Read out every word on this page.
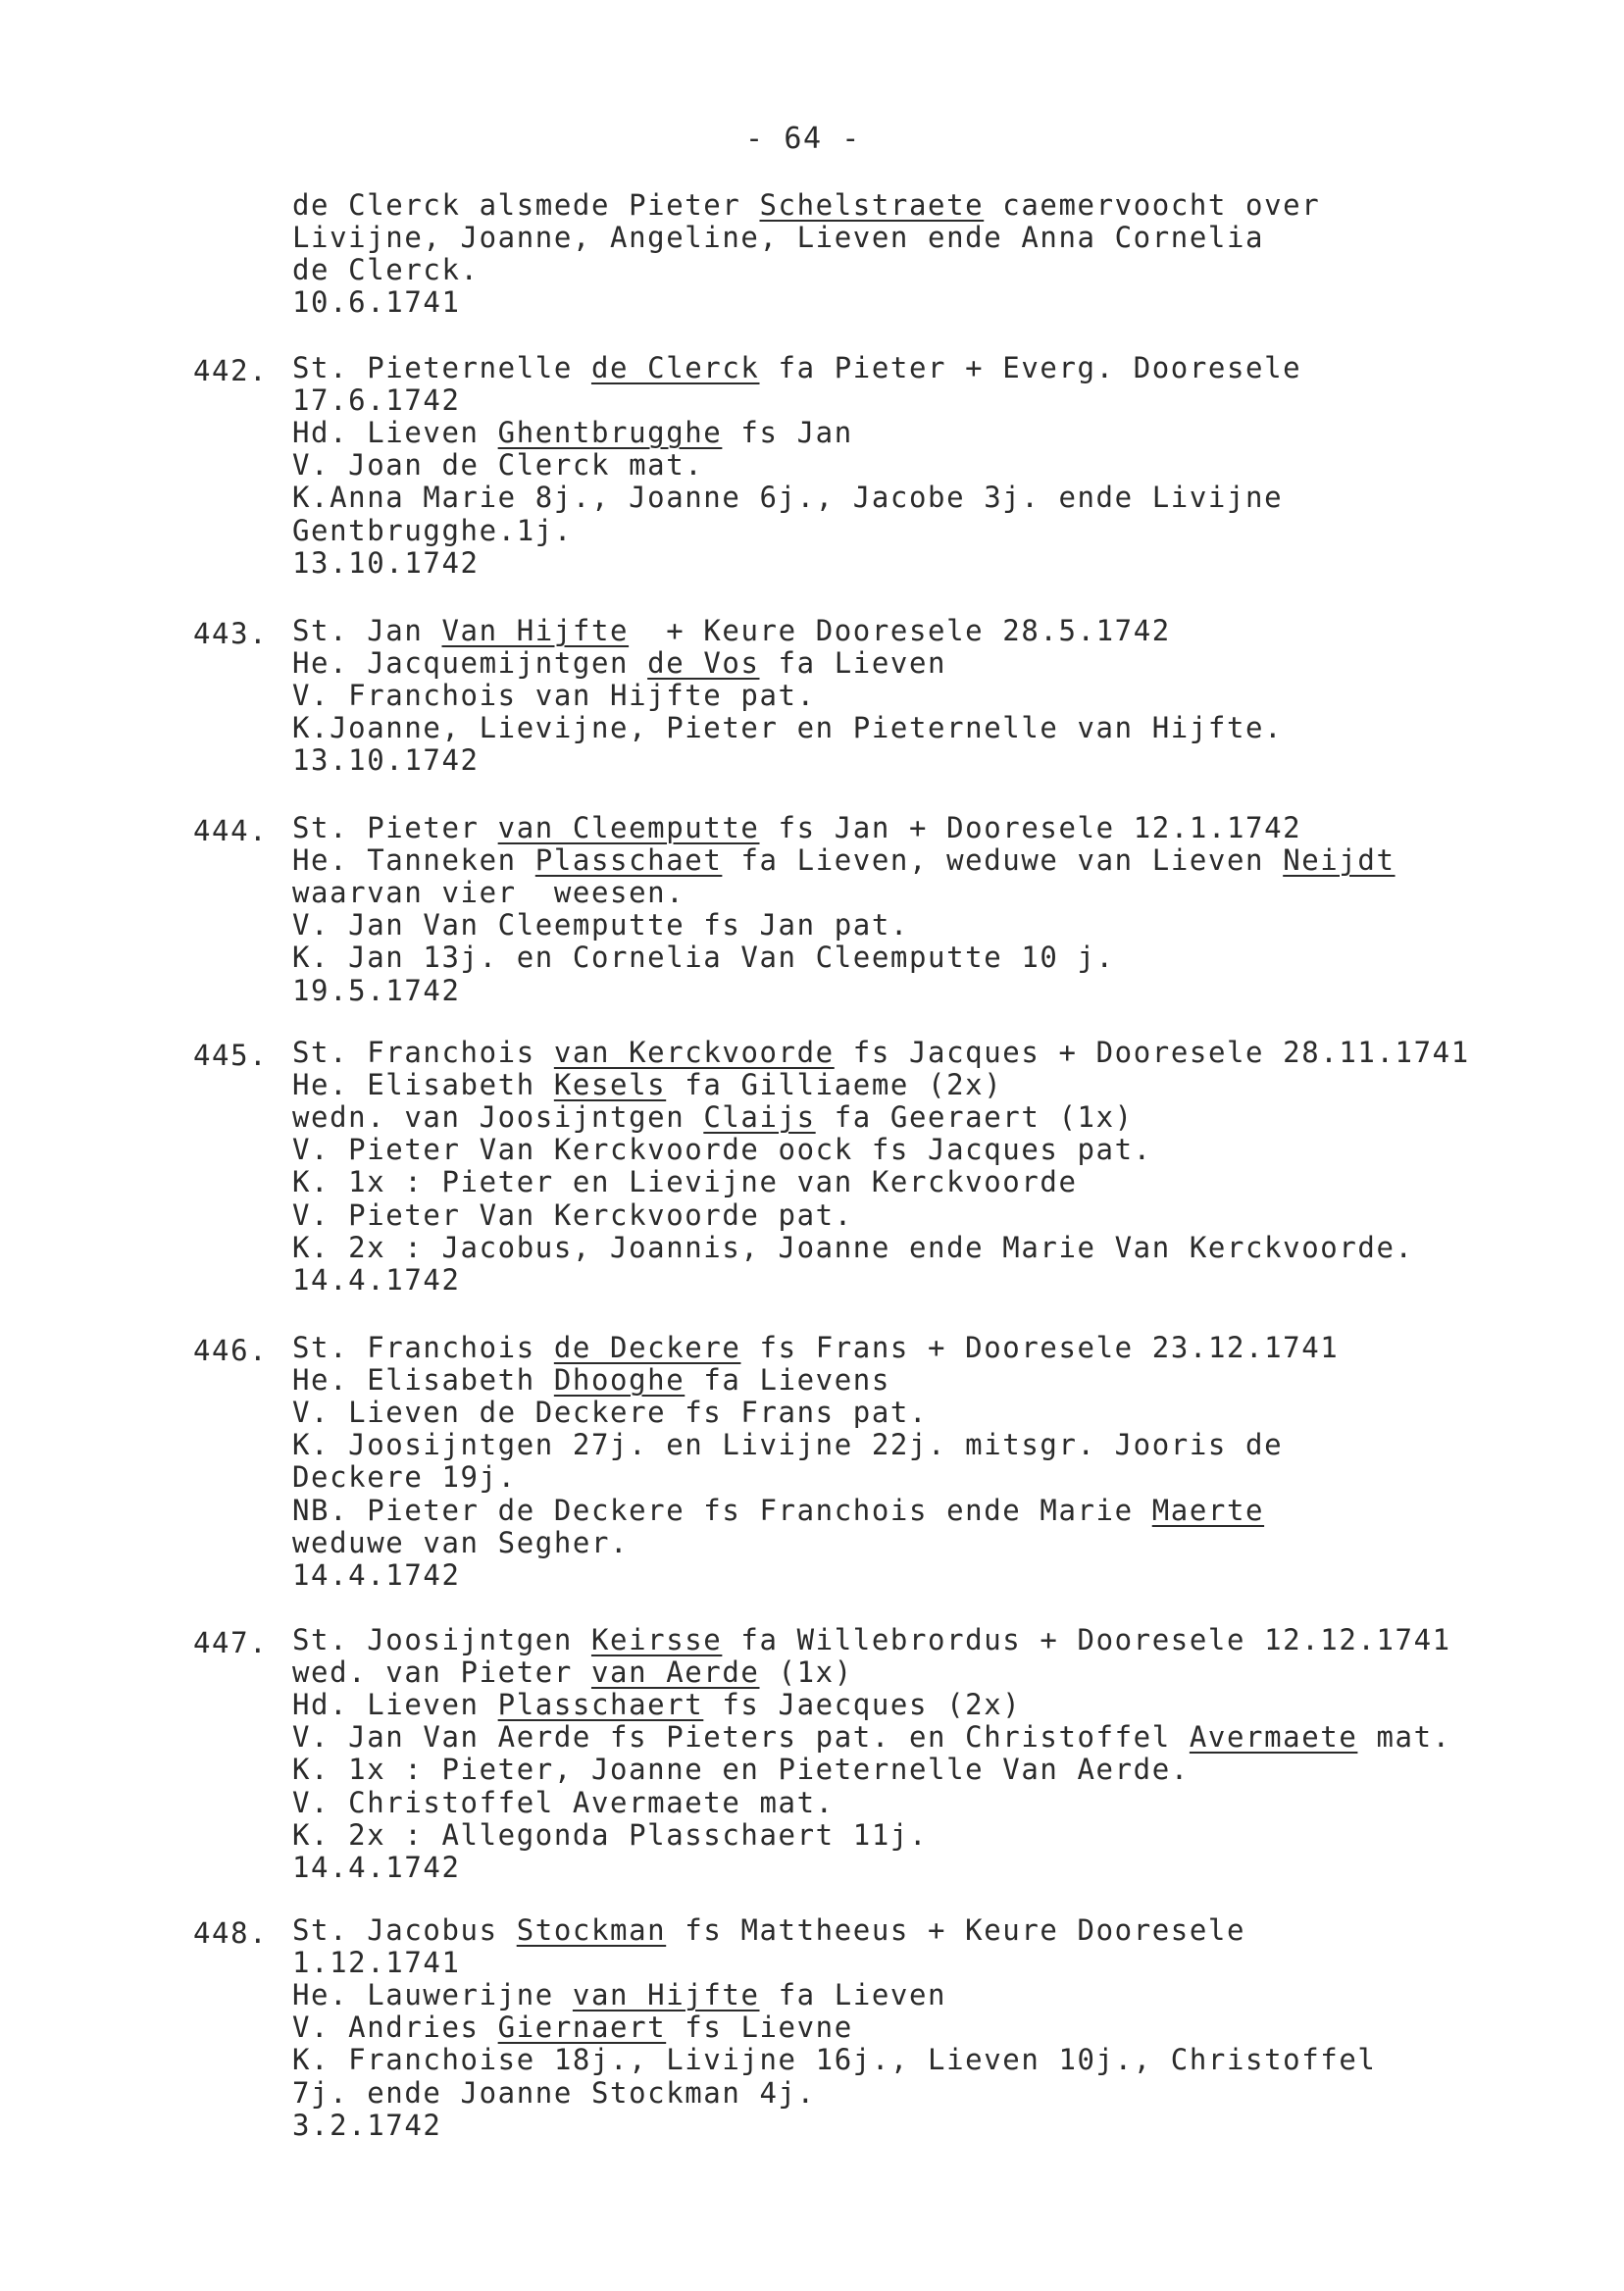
- 64 -
de Clerck alsmede Pieter Schelstraete caemervoocht over
Livijne, Joanne, Angeline, Lieven ende Anna Cornelia
de Clerck.
10.6.1741
442. St. Pieternelle de Clerck fa Pieter + Everg. Dooresele
17.6.1742
Hd. Lieven Ghentbrugghe fs Jan
V. Joan de Clerck mat.
K.Anna Marie 8j., Joanne 6j., Jacobe 3j. ende Livijne
Gentbrugghe.1j.
13.10.1742
443. St. Jan Van Hijfte  + Keure Dooresele 28.5.1742
He. Jacquemijntgen de Vos fa Lieven
V. Franchois van Hijfte pat.
K.Joanne, Lievijne, Pieter en Pieternelle van Hijfte.
13.10.1742
444. St. Pieter van Cleemputte fs Jan + Dooresele 12.1.1742
He. Tanneken Plasschaet fa Lieven, weduwe van Lieven Neijdt
waarvan vier  weesen.
V. Jan Van Cleemputte fs Jan pat.
K. Jan 13j. en Cornelia Van Cleemputte 10 j.
19.5.1742
445. St. Franchois van Kerckvoorde fs Jacques + Dooresele 28.11.1741
He. Elisabeth Kesels fa Gilliaeme (2x)
wedn. van Joosijntgen Claijs fa Geeraert (1x)
V. Pieter Van Kerckvoorde oock fs Jacques pat.
K. 1x : Pieter en Lievijne van Kerckvoorde
V. Pieter Van Kerckvoorde pat.
K. 2x : Jacobus, Joannis, Joanne ende Marie Van Kerckvoorde.
14.4.1742
446. St. Franchois de Deckere fs Frans + Dooresele 23.12.1741
He. Elisabeth Dhooghe fa Lievens
V. Lieven de Deckere fs Frans pat.
K. Joosijntgen 27j. en Livijne 22j. mitsgr. Jooris de
Deckere 19j.
NB. Pieter de Deckere fs Franchois ende Marie Maerte
weduwe van Segher.
14.4.1742
447. St. Joosijntgen Keirsse fa Willebrordus + Dooresele 12.12.1741
wed. van Pieter van Aerde (1x)
Hd. Lieven Plasschaert fs Jaecques (2x)
V. Jan Van Aerde fs Pieters pat. en Christoffel Avermaete mat.
K. 1x : Pieter, Joanne en Pieternelle Van Aerde.
V. Christoffel Avermaete mat.
K. 2x : Allegonda Plasschaert 11j.
14.4.1742
448. St. Jacobus Stockman fs Mattheeus + Keure Dooresele
1.12.1741
He. Lauwerijne van Hijfte fa Lieven
V. Andries Giernaert fs Lievne
K. Franchoise 18j., Livijne 16j., Lieven 10j., Christoffel
7j. ende Joanne Stockman 4j.
3.2.1742
